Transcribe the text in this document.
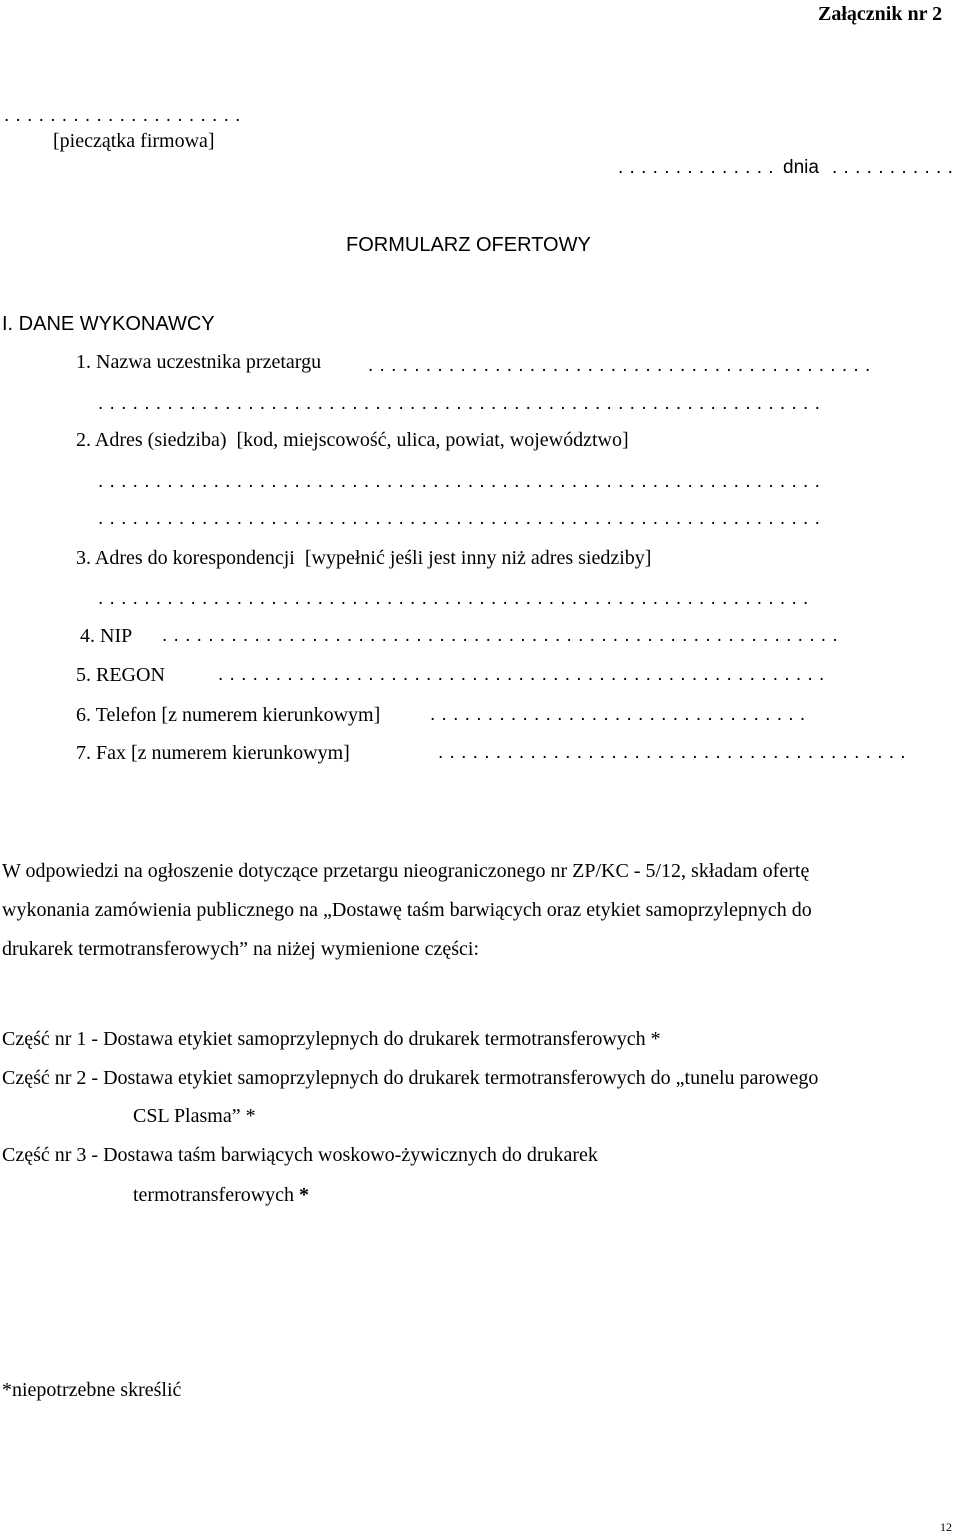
Załącznik nr 2
. . . . . . . . . . . . . . . . . . . . .
[pieczątka firmowa]
. . . . . . . . . . . . . . dnia . . . . . . . . . . .
FORMULARZ OFERTOWY
I. DANE WYKONAWCY
1. Nazwa uczestnika przetargu . . . . . . . . . . . . . . . . . . . . . . . . . . . . . . . . . . . . . . . . . . . .
. . . . . . . . . . . . . . . . . . . . . . . . . . . . . . . . . . . . . . . . . . . . . . . . . . . . . . . . . . . . . . .
2. Adres (siedziba)  [kod, miejscowość, ulica, powiat, województwo]
. . . . . . . . . . . . . . . . . . . . . . . . . . . . . . . . . . . . . . . . . . . . . . . . . . . . . . . . . . . . . . .
. . . . . . . . . . . . . . . . . . . . . . . . . . . . . . . . . . . . . . . . . . . . . . . . . . . . . . . . . . . . . . .
3. Adres do korespondencji  [wypełnić jeśli jest inny niż adres siedziby]
. . . . . . . . . . . . . . . . . . . . . . . . . . . . . . . . . . . . . . . . . . . . . . . . . . . . . . . . . . . . . .
4. NIP . . . . . . . . . . . . . . . . . . . . . . . . . . . . . . . . . . . . . . . . . . . . . . . . . . . . . . . . . . .
5. REGON	. . . . . . . . . . . . . . . . . . . . . . . . . . . . . . . . . . . . . . . . . . . . . . . . . . . . .
6. Telefon [z numerem kierunkowym]	. . . . . . . . . . . . . . . . . . . . . . . . . . . . . . . . .
7. Fax [z numerem kierunkowym]	. . . . . . . . . . . . . . . . . . . . . . . . . . . . . . . . . . . . . . . . .
W odpowiedzi na ogłoszenie dotyczące przetargu nieograniczonego nr ZP/KC - 5/12, składam ofertę
wykonania zamówienia publicznego na „Dostawę taśm barwiących oraz etykiet samoprzylepnych do
drukarek termotransferowych” na niżej wymienione części:
Część nr 1 - Dostawa etykiet samoprzylepnych do drukarek termotransferowych *
Część nr 2 - Dostawa etykiet samoprzylepnych do drukarek termotransferowych do „tunelu parowego
CSL Plasma” *
Część nr 3 - Dostawa taśm barwiących woskowo-żywicznych do drukarek
termotransferowych *
*niepotrzebne skreślić
12
